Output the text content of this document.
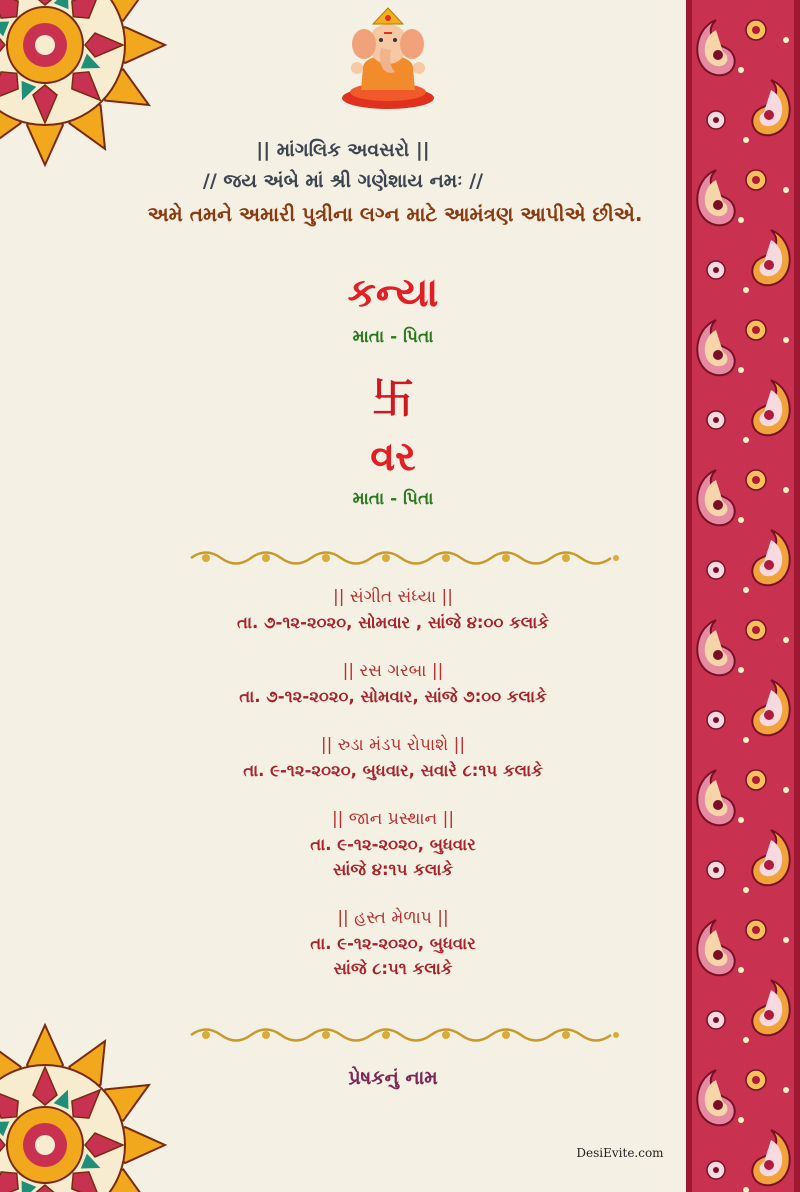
|| માંગલિક અવસરો ||
// જય અંબે માં શ્રી ગણેશાય નમઃ //
અમે તમને અમારી પુત્રીના લગ્ન માટે આમંત્રણ આપીએ છીએ.
કન્યા
માતા - પિતા
卐
વર
માતા - પિતા
|| સંગીત સંધ્યા ||
તા. ૭-૧૨-૨૦૨૦, સોમવાર , સાંજે ૪:૦૦ કલાકે
|| રસ ગરબા ||
તા. ૭-૧૨-૨૦૨૦, સોમવાર, સાંજે ૭:૦૦ કલાકે
|| રુડા મંડપ રોપાશે ||
તા. ૯-૧૨-૨૦૨૦, બુધવાર, સવારે ૮:૧૫ કલાકે
|| જાન પ્રસ્થાન ||
તા. ૯-૧૨-૨૦૨૦, બુધવાર
સાંજે ૪:૧૫ કલાકે
|| હસ્ત મેળાપ ||
તા. ૯-૧૨-૨૦૨૦, બુધવાર
સાંજે ૮:૫૧ કલાકે
પ્રેષકનું નામ
DesiEvite.com
